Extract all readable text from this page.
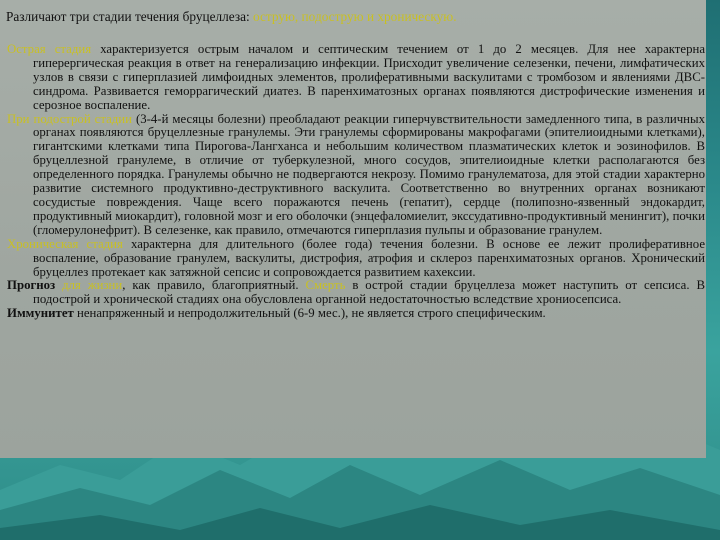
Различают три стадии течения бруцеллеза: острую, подострую и хроническую.

Острая стадия характеризуется острым началом и септическим течением от 1 до 2 месяцев. Для нее характерна гиперергическая реакция в ответ на генерализацию инфекции. Присходит увеличение селезенки, печени, лимфатических узлов в связи с гиперплазией лимфоидных элементов, пролиферативными васкулитами с тромбозом и явлениями ДВС-синдрома. Развивается геморрагический диатез. В паренхиматозных органах появляются дистрофические изменения и серозное воспаление.

При подострой стадии (3-4-й месяцы болезни) преобладают реакции гиперчувствительности замедленного типа, в различных органах появляются бруцеллезные гранулемы. Эти гранулемы сформированы макрофагами (эпителиоидными клетками), гигантскими клетками типа Пирогова-Лангханса и небольшим количеством плазматических клеток и эозинофилов. В бруцеллезной гранулеме, в отличие от туберкулезной, много сосудов, эпителиоидные клетки располагаются без определенного порядка. Гранулемы обычно не подвергаются некрозу. Помимо гранулематоза, для этой стадии характерно развитие системного продуктивно-деструктивного васкулита. Соответственно во внутренних органах возникают сосудистые повреждения. Чаще всего поражаются печень (гепатит), сердце (полипозно-язвенный эндокардит, продуктивный миокардит), головной мозг и его оболочки (энцефаломиелит, экссудативно-продуктивный менингит), почки (гломерулонефрит). В селезенке, как правило, отмечаются гиперплазия пульпы и образование гранулем.

Хроническая стадия характерна для длительного (более года) течения болезни. В основе ее лежит пролиферативное воспаление, образование гранулем, васкулиты, дистрофия, атрофия и склероз паренхиматозных органов. Хронический бруцеллез протекает как затяжной сепсис и сопровождается развитием кахексии.

Прогноз для жизни, как правило, благоприятный. Смерть в острой стадии бруцеллеза может наступить от сепсиса. В подострой и хронической стадиях она обусловлена органной недостаточностью вследствие хрониосепсиса.

Иммунитет ненапряженный и непродолжительный (6-9 мес.), не является строго специфическим.
